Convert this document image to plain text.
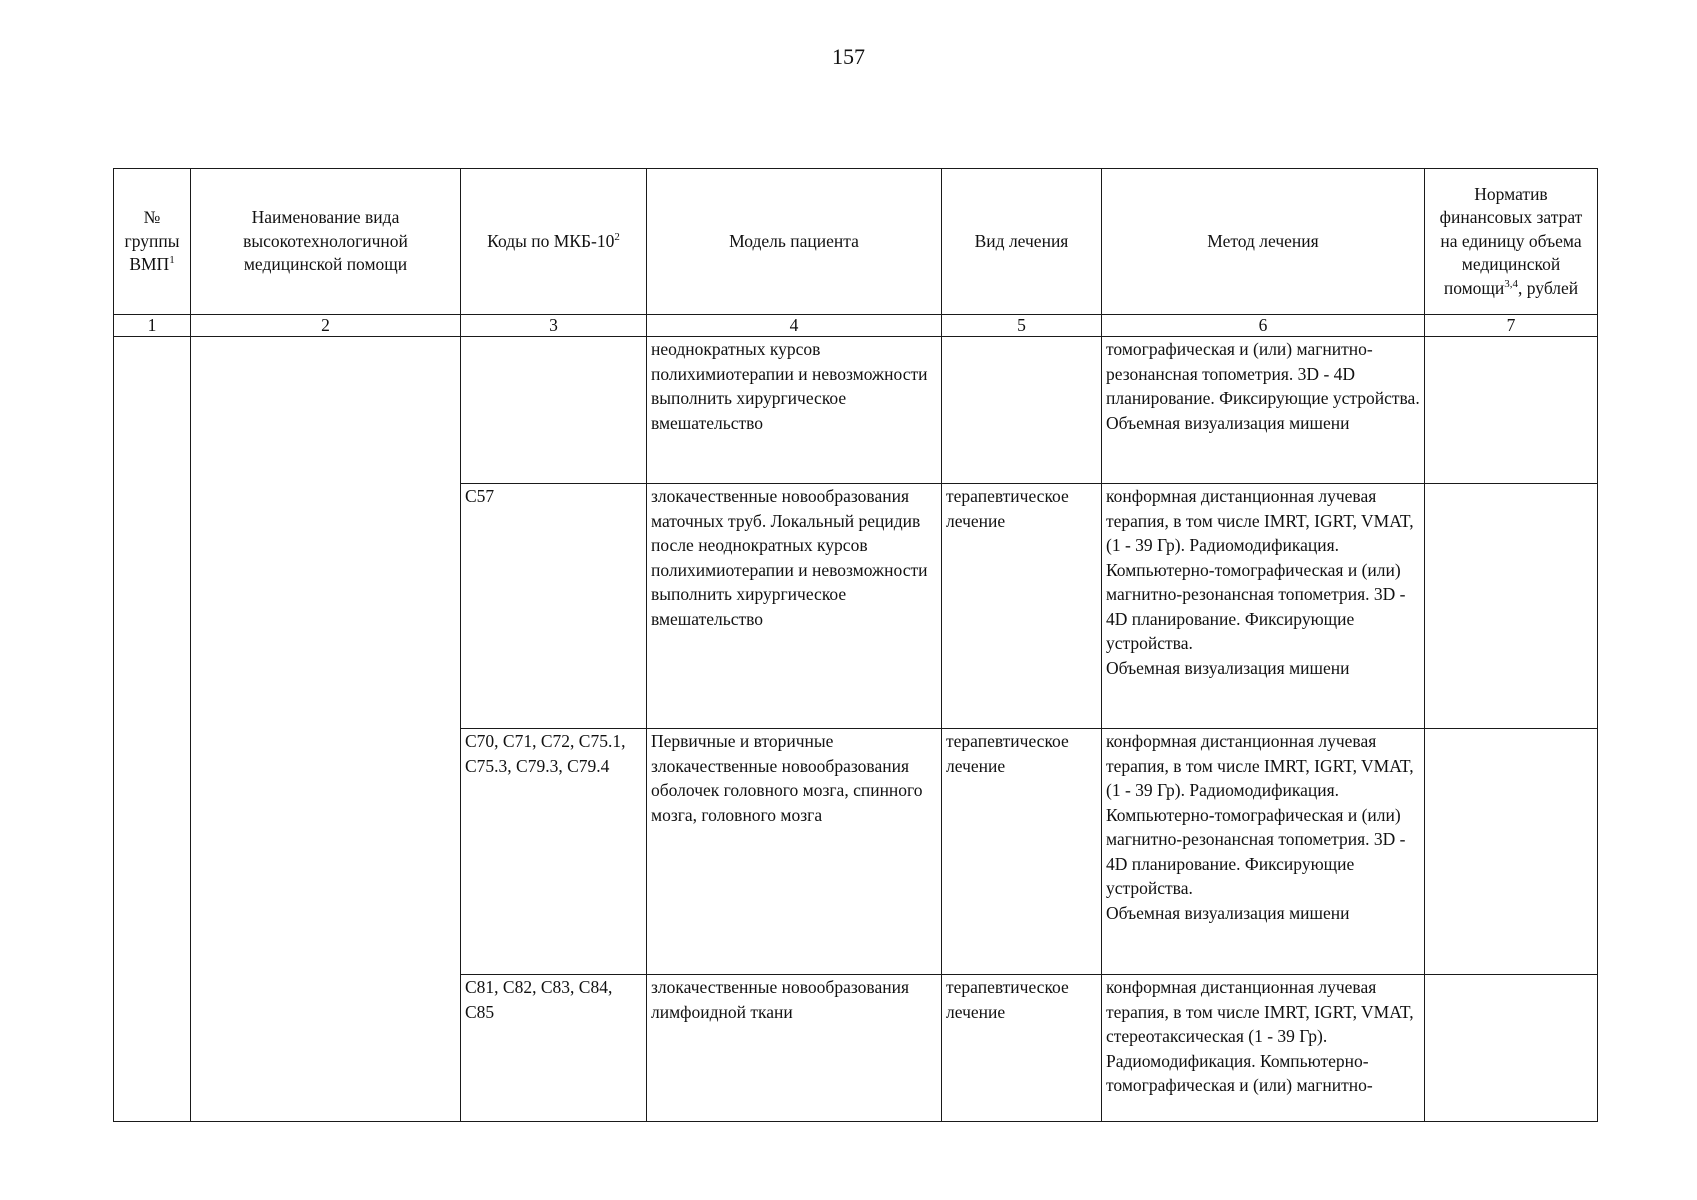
157
№ группы ВМП$^1$	Наименование вида высокотехнологичной медицинской помощи	Коды по МКБ-$10^2$	Модель пациента	Вид лечения	Метод лечения	Норматив финансовых затрат на единицу объема медицинской помощи$^{3,4}$, рублей
1	2	3	4	5	6	7
			неоднократных курсов полихимиотерапии и невозможности выполнить хирургическое вмешательство		томографическая и (или) магнитно-резонансная топометрия. 3D - 4D планирование. Фиксирующие устройства.
Объемная визуализация мишени	

		C57	злокачественные новообразования маточных труб. Локальный рецидив после неоднократных курсов полихимиотерапии и невозможности выполнить хирургическое вмешательство	терапевтическое лечение	конформная дистанционная лучевая терапия, в том числе IMRT, IGRT, VMAT, (1 - 39 Гр). Радиомодификация. Компьютерно-томографическая и (или) магнитно-резонансная топометрия. 3D - 4D планирование. Фиксирующие устройства.
Объемная визуализация мишени	

		C70, C71, C72, C75.1, C75.3, C79.3, C79.4	Первичные и вторичные злокачественные новообразования оболочек головного мозга, спинного мозга, головного мозга	терапевтическое лечение	конформная дистанционная лучевая терапия, в том числе IMRT, IGRT, VMAT, (1 - 39 Гр). Радиомодификация. Компьютерно-томографическая и (или) магнитно-резонансная топометрия. 3D - 4D планирование. Фиксирующие устройства.
Объемная визуализация мишени	

		C81, C82, C83, C84, C85	злокачественные новообразования лимфоидной ткани	терапевтическое лечение	конформная дистанционная лучевая терапия, в том числе IMRT, IGRT, VMAT, стереотаксическая (1 - 39 Гр). Радиомодификация. Компьютерно-томографическая и (или) магнитно-	
